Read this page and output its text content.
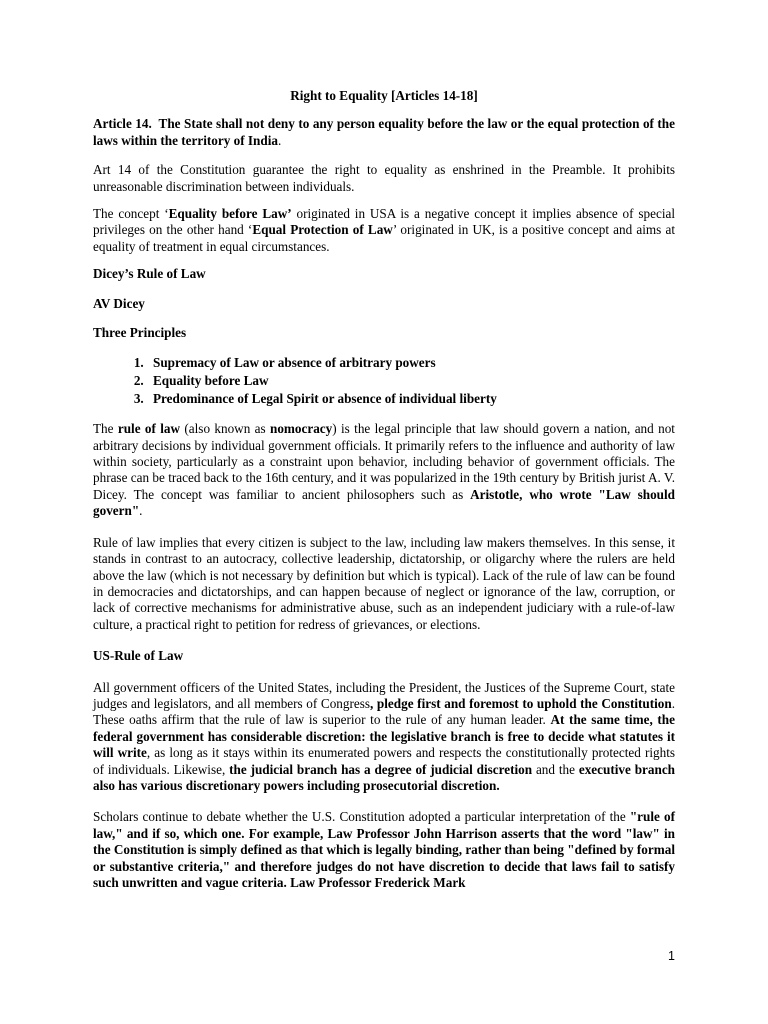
Right to Equality [Articles 14-18]

Article 14. The State shall not deny to any person equality before the law or the equal protection of the laws within the territory of India.

Art 14 of the Constitution guarantee the right to equality as enshrined in the Preamble. It prohibits unreasonable discrimination between individuals.

The concept ‘Equality before Law’ originated in USA is a negative concept it implies absence of special privileges on the other hand ‘Equal Protection of Law’ originated in UK, is a positive concept and aims at equality of treatment in equal circumstances.

Dicey’s Rule of Law

AV Dicey

Three Principles

1. Supremacy of Law or absence of arbitrary powers
2. Equality before Law
3. Predominance of Legal Spirit or absence of individual liberty

The rule of law (also known as nomocracy) is the legal principle that law should govern a nation, and not arbitrary decisions by individual government officials. It primarily refers to the influence and authority of law within society, particularly as a constraint upon behavior, including behavior of government officials. The phrase can be traced back to the 16th century, and it was popularized in the 19th century by British jurist A. V. Dicey. The concept was familiar to ancient philosophers such as Aristotle, who wrote "Law should govern".

Rule of law implies that every citizen is subject to the law, including law makers themselves. In this sense, it stands in contrast to an autocracy, collective leadership, dictatorship, or oligarchy where the rulers are held above the law (which is not necessary by definition but which is typical). Lack of the rule of law can be found in democracies and dictatorships, and can happen because of neglect or ignorance of the law, corruption, or lack of corrective mechanisms for administrative abuse, such as an independent judiciary with a rule-of-law culture, a practical right to petition for redress of grievances, or elections.

US-Rule of Law

All government officers of the United States, including the President, the Justices of the Supreme Court, state judges and legislators, and all members of Congress, pledge first and foremost to uphold the Constitution. These oaths affirm that the rule of law is superior to the rule of any human leader. At the same time, the federal government has considerable discretion: the legislative branch is free to decide what statutes it will write, as long as it stays within its enumerated powers and respects the constitutionally protected rights of individuals. Likewise, the judicial branch has a degree of judicial discretion and the executive branch also has various discretionary powers including prosecutorial discretion.

Scholars continue to debate whether the U.S. Constitution adopted a particular interpretation of the "rule of law," and if so, which one. For example, Law Professor John Harrison asserts that the word "law" in the Constitution is simply defined as that which is legally binding, rather than being "defined by formal or substantive criteria," and therefore judges do not have discretion to decide that laws fail to satisfy such unwritten and vague criteria. Law Professor Frederick Mark

1
